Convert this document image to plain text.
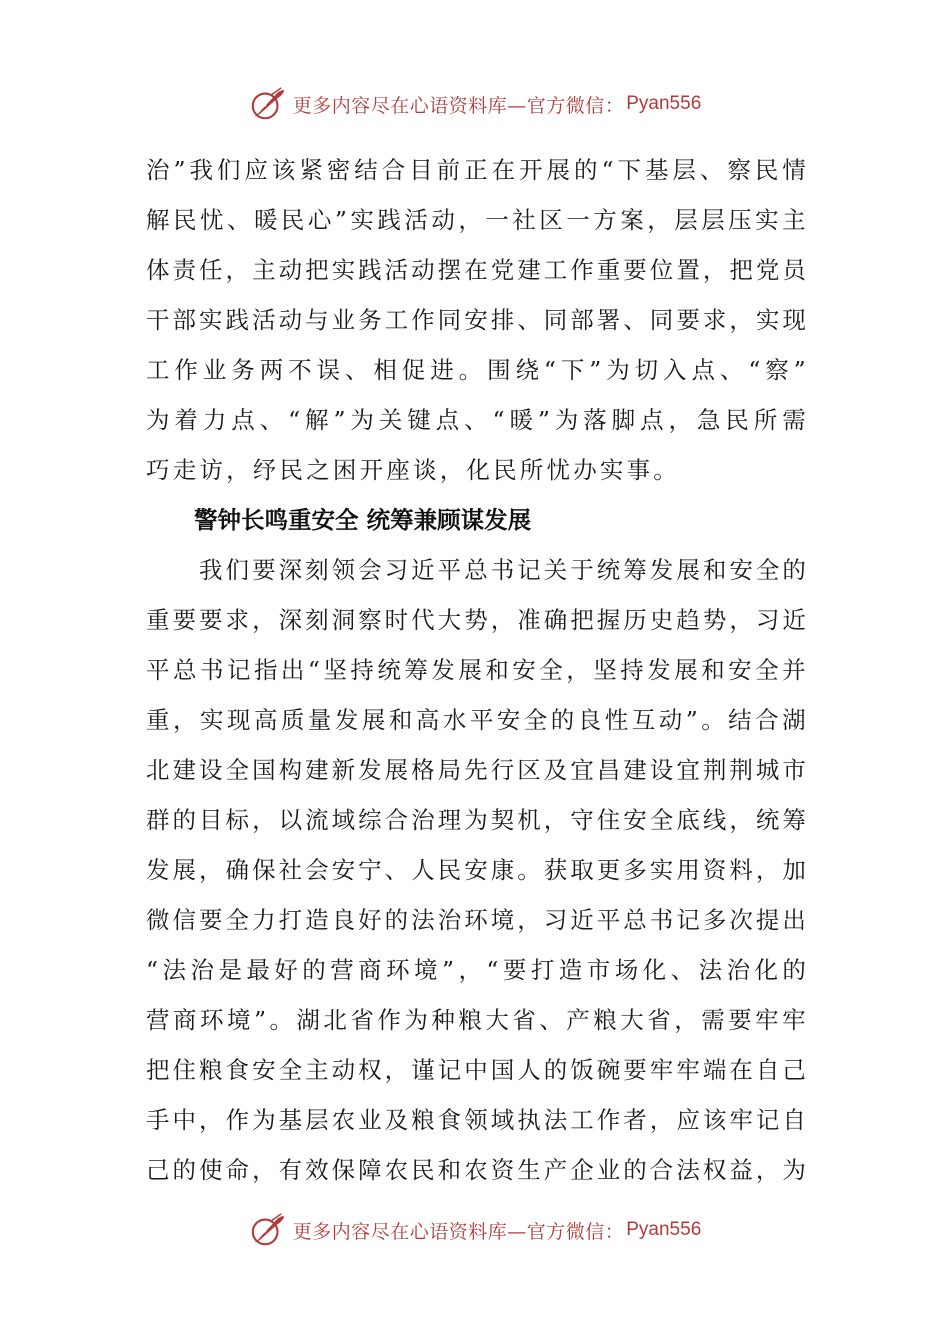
更多内容尽在心语资料库—官方微信： Pyan556
治 ” 我 们 应 该 紧 密 结 合 目 前 正 在 开 展 的 “ 下 基 层 、 察 民 情
解 民 忧 、 暖 民 心 ” 实 践 活 动 ， 一 社 区 一 方 案 ， 层 层 压 实 主
体 责 任 ， 主 动 把 实 践 活 动 摆 在 党 建 工 作 重 要 位 置 ， 把 党 员
干 部 实 践 活 动 与 业 务 工 作 同 安 排 、 同 部 署 、 同 要 求 ， 实 现
工 作 业 务 两 不 误 、 相 促 进 。 围 绕 “ 下 ” 为 切 入 点 、 “ 察 ”
为 着 力 点 、 “ 解 ” 为 关 键 点 、 “ 暖 ” 为 落 脚 点 ， 急 民 所 需
巧走访，纾民之困开座谈，化民所忧办实事。
警钟长鸣重安全 统筹兼顾谋发展

我 们 要 深 刻 领 会 习 近 平 总 书 记 关 于 统 筹 发 展 和 安 全 的
重 要 要 求 ， 深 刻 洞 察 时 代 大 势 ， 准 确 把 握 历 史 趋 势 ， 习 近
平 总 书 记 指 出 “ 坚 持 统 筹 发 展 和 安 全 ， 坚 持 发 展 和 安 全 并
重 ， 实 现 高 质 量 发 展 和 高 水 平 安 全 的 良 性 互 动 ” 。 结 合 湖
北 建 设 全 国 构 建 新 发 展 格 局 先 行 区 及 宜 昌 建 设 宜 荆 荆 城 市
群 的 目 标 ， 以 流 域 综 合 治 理 为 契 机 ， 守 住 安 全 底 线 ， 统 筹
发 展 ， 确 保 社 会 安 宁 、 人 民 安 康 。 获 取 更 多 实 用 资 料 ， 加
微 信 要 全 力 打 造 良 好 的 法 治 环 境 ， 习 近 平 总 书 记 多 次 提 出
“ 法 治 是 最 好 的 营 商 环 境 ” ， “ 要 打 造 市 场 化 、 法 治 化 的
营 商 环 境 ” 。 湖 北 省 作 为 种 粮 大 省 、 产 粮 大 省 ， 需 要 牢 牢
把 住 粮 食 安 全 主 动 权 ， 谨 记 中 国 人 的 饭 碗 要 牢 牢 端 在 自 己
手 中 ， 作 为 基 层 农 业 及 粮 食 领 域 执 法 工 作 者 ， 应 该 牢 记 自
己 的 使 命 ， 有 效 保 障 农 民 和 农 资 生 产 企 业 的 合 法 权 益 ， 为
更多内容尽在心语资料库—官方微信： Pyan556
